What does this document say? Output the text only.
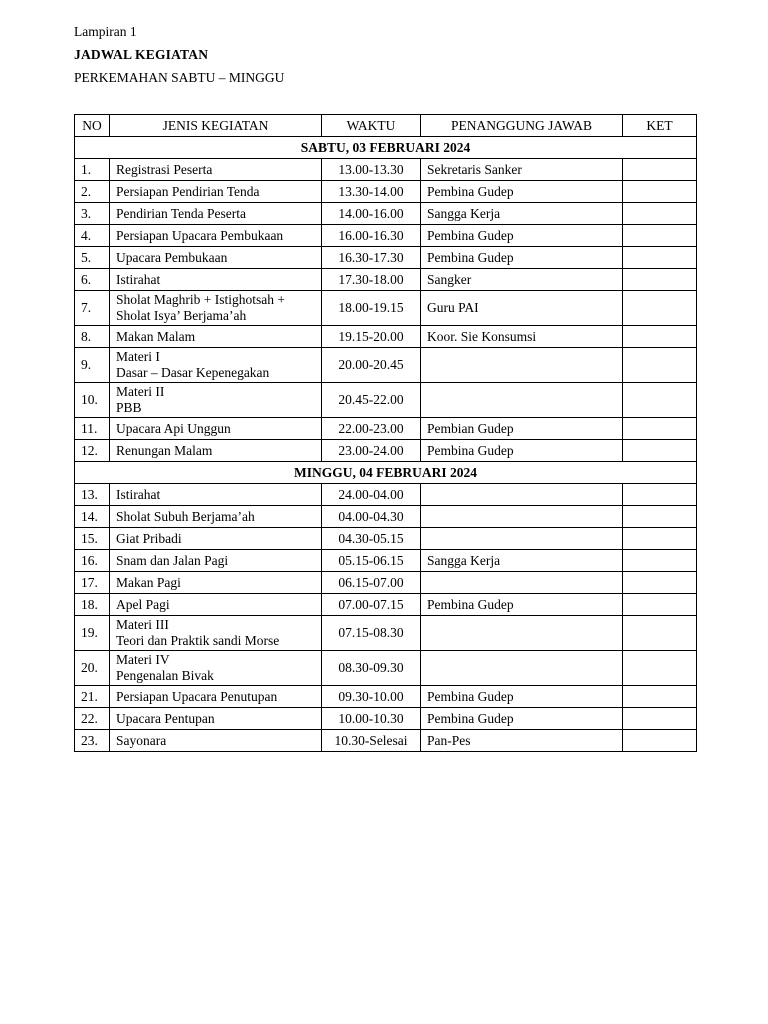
Lampiran 1
JADWAL KEGIATAN
PERKEMAHAN SABTU – MINGGU
NO	JENIS KEGIATAN	WAKTU	PENANGGUNG JAWAB	KET
SABTU, 03 FEBRUARI 2024				
1.	Registrasi Peserta	13.00-13.30	Sekretaris Sanker	
2.	Persiapan Pendirian Tenda	13.30-14.00	Pembina Gudep	
3.	Pendirian Tenda Peserta	14.00-16.00	Sangga Kerja	
4.	Persiapan Upacara Pembukaan	16.00-16.30	Pembina Gudep	
5.	Upacara Pembukaan	16.30-17.30	Pembina Gudep	
6.	Istirahat	17.30-18.00	Sangker	
7.	Sholat Maghrib + Istighotsah +
Sholat Isya’ Berjama’ah	18.00-19.15	Guru PAI	
8.	Makan Malam	19.15-20.00	Koor. Sie Konsumsi	
9.	Materi I
Dasar – Dasar Kepenegakan	20.00-20.45		
10.	Materi II
PBB	20.45-22.00		
11.	Upacara Api Unggun	22.00-23.00	Pembian Gudep	
12.	Renungan Malam	23.00-24.00	Pembina Gudep	
MINGGU, 04 FEBRUARI 2024				
13.	Istirahat	24.00-04.00		
14.	Sholat Subuh Berjama’ah	04.00-04.30		
15.	Giat Pribadi	04.30-05.15		
16.	Snam dan Jalan Pagi	05.15-06.15	Sangga Kerja	
17.	Makan Pagi	06.15-07.00		
18.	Apel Pagi	07.00-07.15	Pembina Gudep	
19.	Materi III
Teori dan Praktik sandi Morse	07.15-08.30		
20.	Materi IV
Pengenalan Bivak	08.30-09.30		
21.	Persiapan Upacara Penutupan	09.30-10.00	Pembina Gudep	
22.	Upacara Pentupan	10.00-10.30	Pembina Gudep	
23.	Sayonara	10.30-Selesai	Pan-Pes	
